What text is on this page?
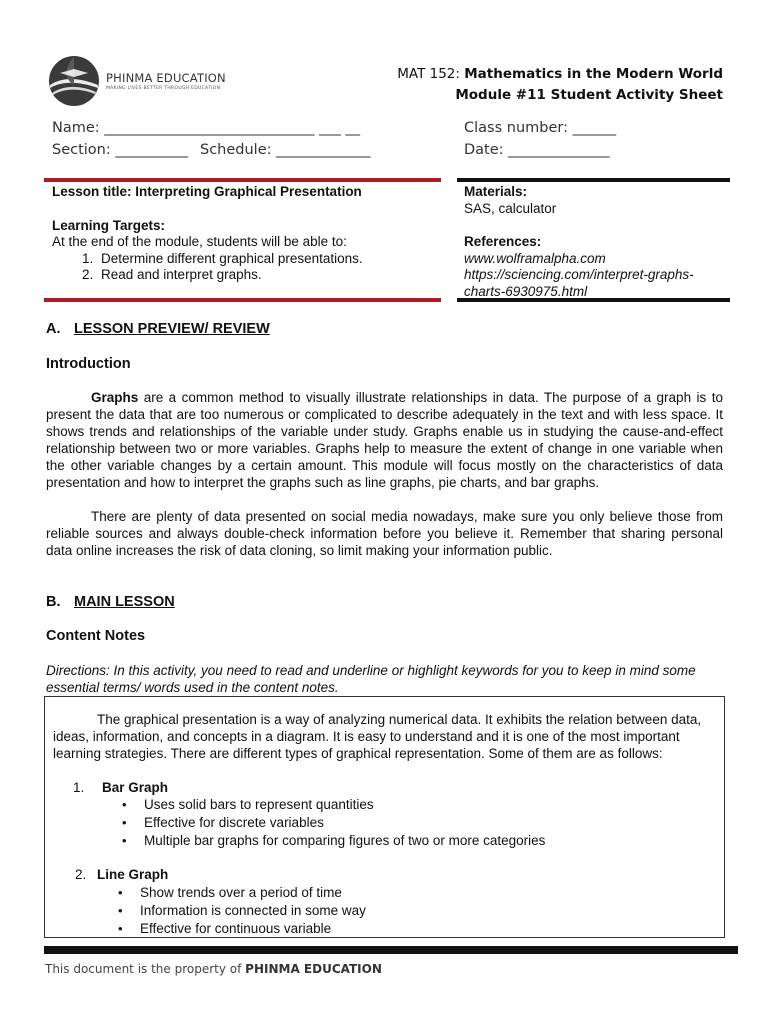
PHINMA EDUCATION
MAKING LIVES BETTER THROUGH EDUCATION
MAT 152: Mathematics in the Modern World
Module #11 Student Activity Sheet
Name: _____________________________ ___ __
Section: __________ Schedule: _____________
Class number: ______
Date: ______________
Lesson title: Interpreting Graphical Presentation
Learning Targets:
At the end of the module, students will be able to:
1. Determine different graphical presentations.
2. Read and interpret graphs.
Materials:
SAS, calculator
References:
www.wolframalpha.com
https://sciencing.com/interpret-graphs-
charts-6930975.html
A. LESSON PREVIEW/ REVIEW
Introduction
Graphs are a common method to visually illustrate relationships in data. The purpose of a graph is to present the data that are too numerous or complicated to describe adequately in the text and with less space. It shows trends and relationships of the variable under study. Graphs enable us in studying the cause-and-effect relationship between two or more variables. Graphs help to measure the extent of change in one variable when the other variable changes by a certain amount. This module will focus mostly on the characteristics of data presentation and how to interpret the graphs such as line graphs, pie charts, and bar graphs.
There are plenty of data presented on social media nowadays, make sure you only believe those from reliable sources and always double-check information before you believe it. Remember that sharing personal data online increases the risk of data cloning, so limit making your information public.
B. MAIN LESSON
Content Notes
Directions: In this activity, you need to read and underline or highlight keywords for you to keep in mind some essential terms/ words used in the content notes.
The graphical presentation is a way of analyzing numerical data. It exhibits the relation between data, ideas, information, and concepts in a diagram. It is easy to understand and it is one of the most important learning strategies. There are different types of graphical representation. Some of them are as follows:
1. Bar Graph
• Uses solid bars to represent quantities
• Effective for discrete variables
• Multiple bar graphs for comparing figures of two or more categories
2. Line Graph
• Show trends over a period of time
• Information is connected in some way
• Effective for continuous variable
This document is the property of PHINMA EDUCATION
